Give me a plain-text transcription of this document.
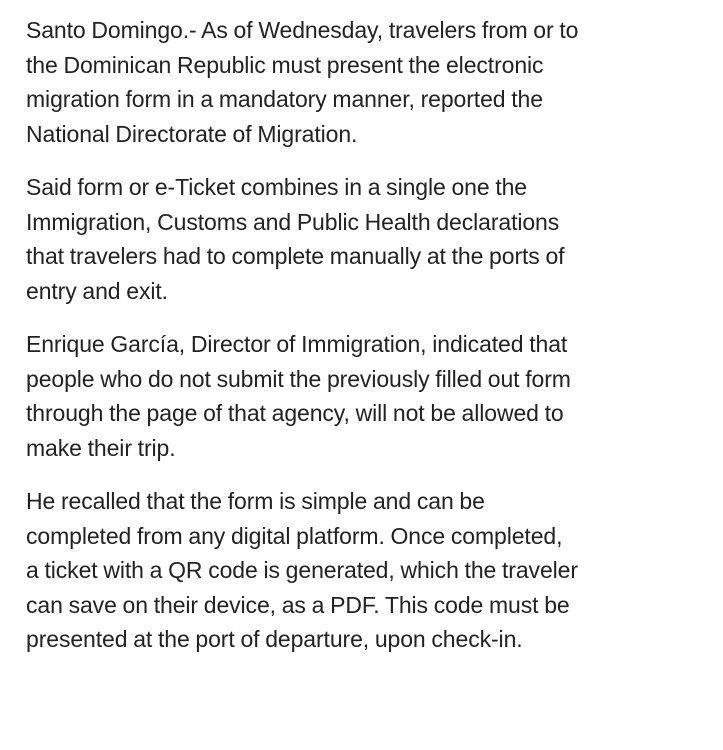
Santo Domingo.- As of Wednesday, travelers from or to
the Dominican Republic must present the electronic
migration form in a mandatory manner, reported the
National Directorate of Migration.

Said form or e-Ticket combines in a single one the
Immigration, Customs and Public Health declarations
that travelers had to complete manually at the ports of
entry and exit.

Enrique García, Director of Immigration, indicated that
people who do not submit the previously filled out form
through the page of that agency, will not be allowed to
make their trip.

He recalled that the form is simple and can be
completed from any digital platform. Once completed,
a ticket with a QR code is generated, which the traveler
can save on their device, as a PDF. This code must be
presented at the port of departure, upon check-in.
